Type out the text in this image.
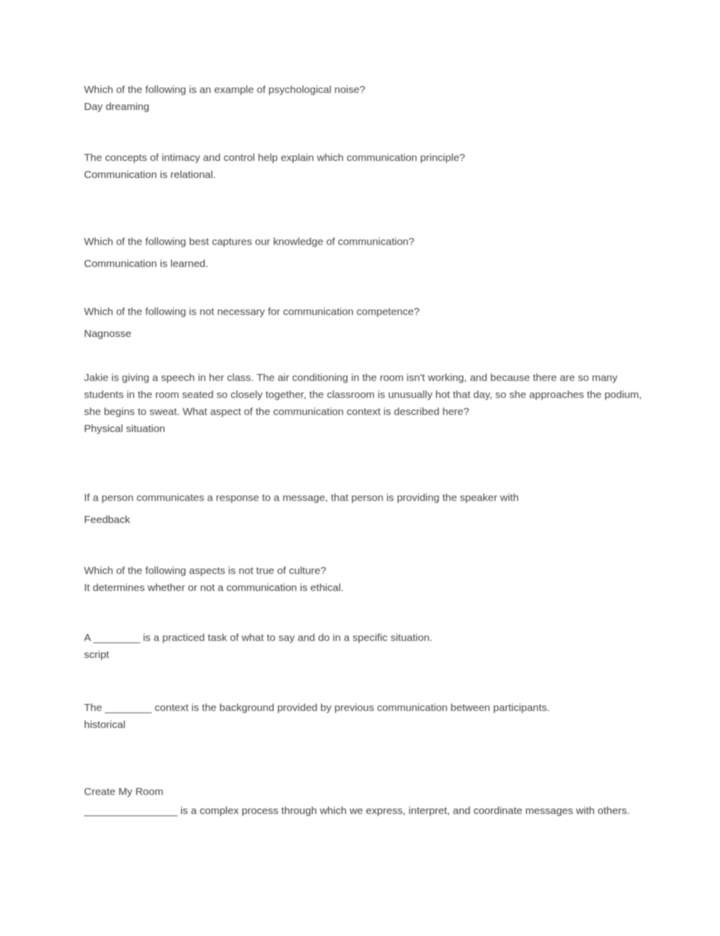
Which of the following is an example of psychological noise?

Day dreaming

The concepts of intimacy and control help explain which communication principle?

Communication is relational.

Which of the following best captures our knowledge of communication?

Communication is learned.

Which of the following is not necessary for communication competence?

Nagnosse

Jakie is giving a speech in her class. The air conditioning in the room isn't working, and because there are so many students in the room seated so closely together, the classroom is unusually hot that day, so she approaches the podium, she begins to sweat. What aspect of the communication context is described here?

Physical situation

If a person communicates a response to a message, that person is providing the speaker with

Feedback

Which of the following aspects is not true of culture?

It determines whether or not a communication is ethical.

A ________ is a practiced task of what to say and do in a specific situation.

script

The ________ context is the background provided by previous communication between participants.

historical

Create My Room

________________ is a complex process through which we express, interpret, and coordinate messages with others.
